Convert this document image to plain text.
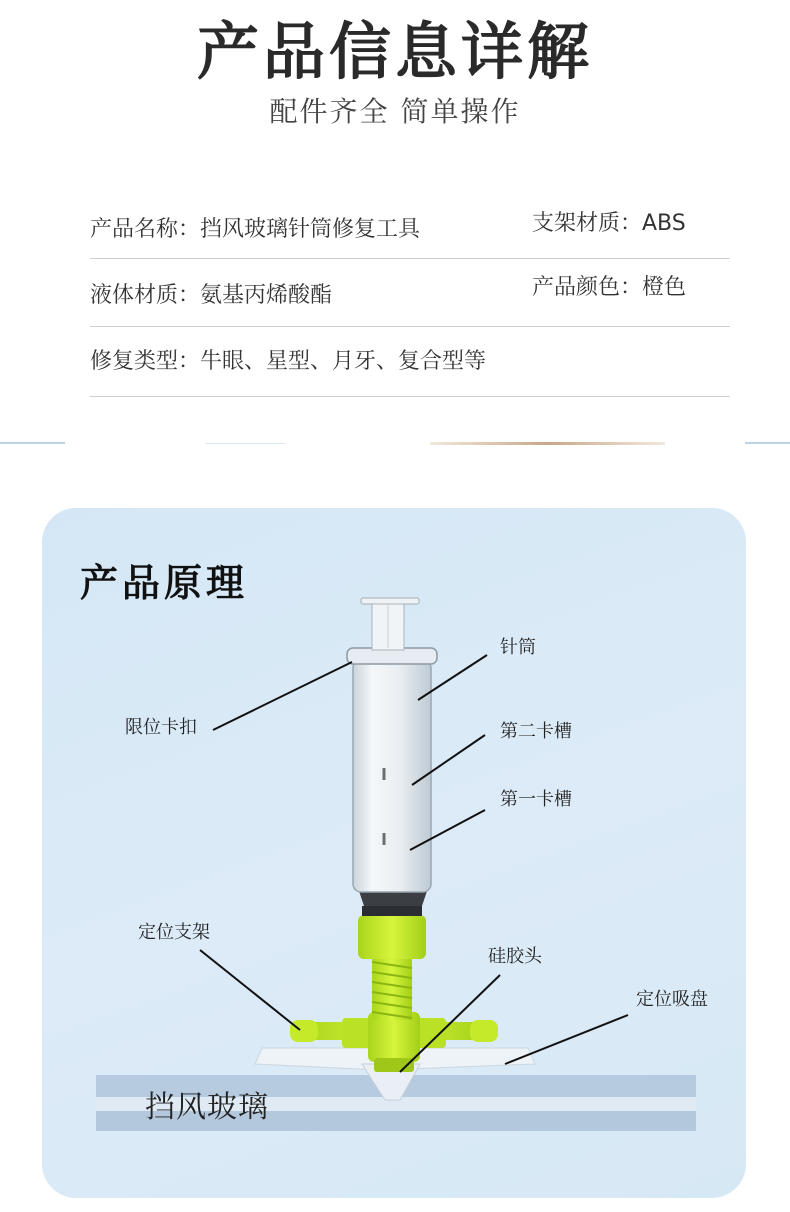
产品信息详解
配件齐全 简单操作
产品名称：挡风玻璃针筒修复工具	支架材质：ABS
液体材质：氨基丙烯酸酯	产品颜色：橙色
修复类型：牛眼、星型、月牙、复合型等
产品原理
针筒
限位卡扣	第二卡槽
第一卡槽
定位支架
硅胶头
定位吸盘
挡风玻璃
